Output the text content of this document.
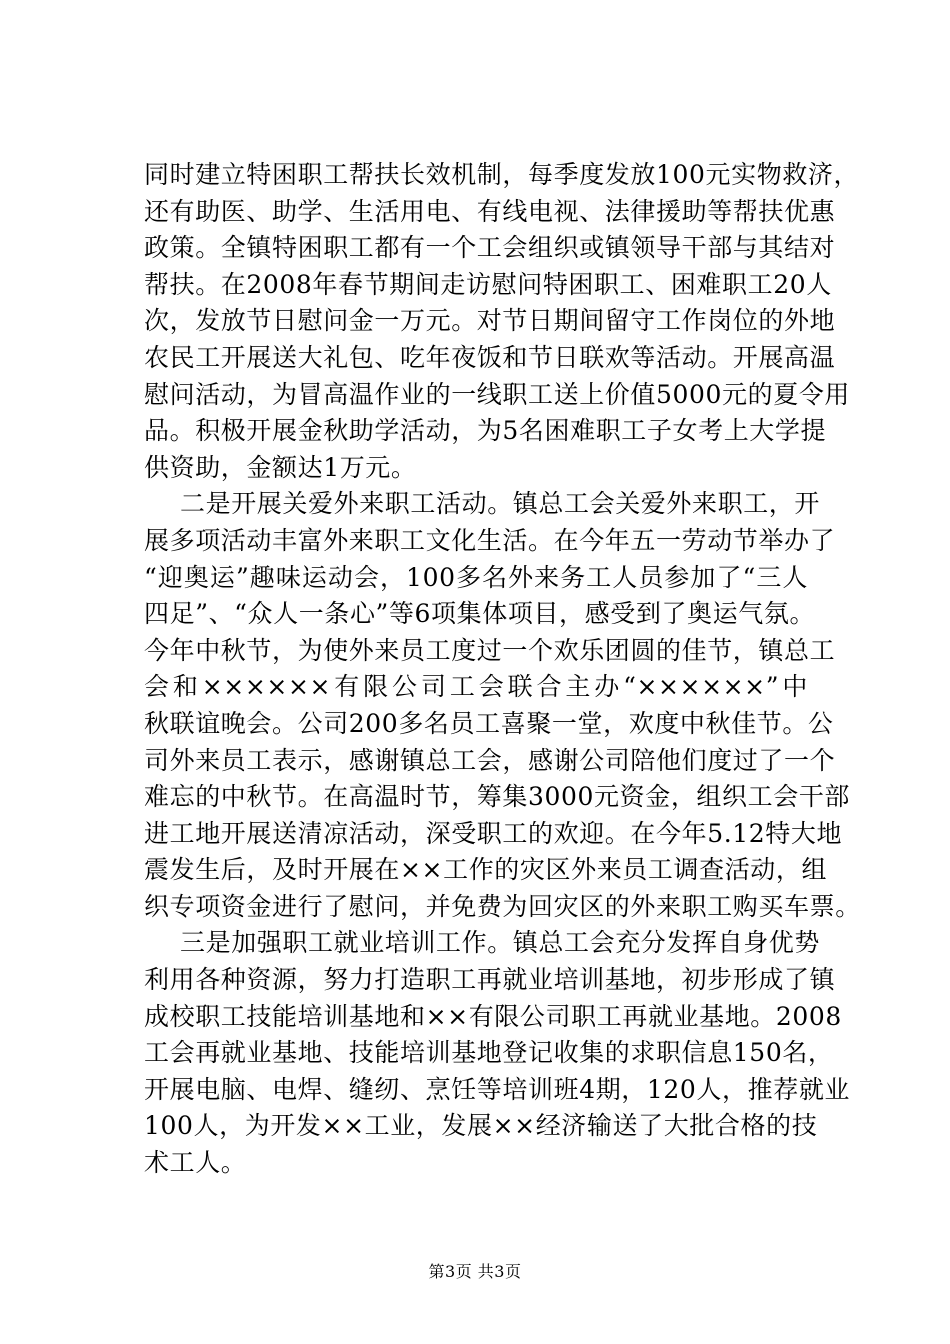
同时建立特困职工帮扶长效机制，每季度发放100元实物救济，
还有助医、助学、生活用电、有线电视、法律援助等帮扶优惠
政策。全镇特困职工都有一个工会组织或镇领导干部与其结对
帮扶。在2008年春节期间走访慰问特困职工、困难职工20人
次，发放节日慰问金一万元。对节日期间留守工作岗位的外地
农民工开展送大礼包、吃年夜饭和节日联欢等活动。开展高温
慰问活动，为冒高温作业的一线职工送上价值5000元的夏令用
品。积极开展金秋助学活动，为5名困难职工子女考上大学提
供资助，金额达1万元。
二是开展关爱外来职工活动。镇总工会关爱外来职工，开
展多项活动丰富外来职工文化生活。在今年五一劳动节举办了
“迎奥运”趣味运动会，100多名外来务工人员参加了“三人
四足”、“众人一条心”等6项集体项目，感受到了奥运气氛。
今年中秋节，为使外来员工度过一个欢乐团圆的佳节，镇总工
会和××××××有限公司工会联合主办“××××××”中
秋联谊晚会。公司200多名员工喜聚一堂，欢度中秋佳节。公
司外来员工表示，感谢镇总工会，感谢公司陪他们度过了一个
难忘的中秋节。在高温时节，筹集3000元资金，组织工会干部
进工地开展送清凉活动，深受职工的欢迎。在今年5.12特大地
震发生后，及时开展在××工作的灾区外来员工调查活动，组
织专项资金进行了慰问，并免费为回灾区的外来职工购买车票。
三是加强职工就业培训工作。镇总工会充分发挥自身优势
利用各种资源，努力打造职工再就业培训基地，初步形成了镇
成校职工技能培训基地和××有限公司职工再就业基地。2008
工会再就业基地、技能培训基地登记收集的求职信息150名，
开展电脑、电焊、缝纫、烹饪等培训班4期，120人，推荐就业
100人，为开发××工业，发展××经济输送了大批合格的技
术工人。
第3页 共3页
